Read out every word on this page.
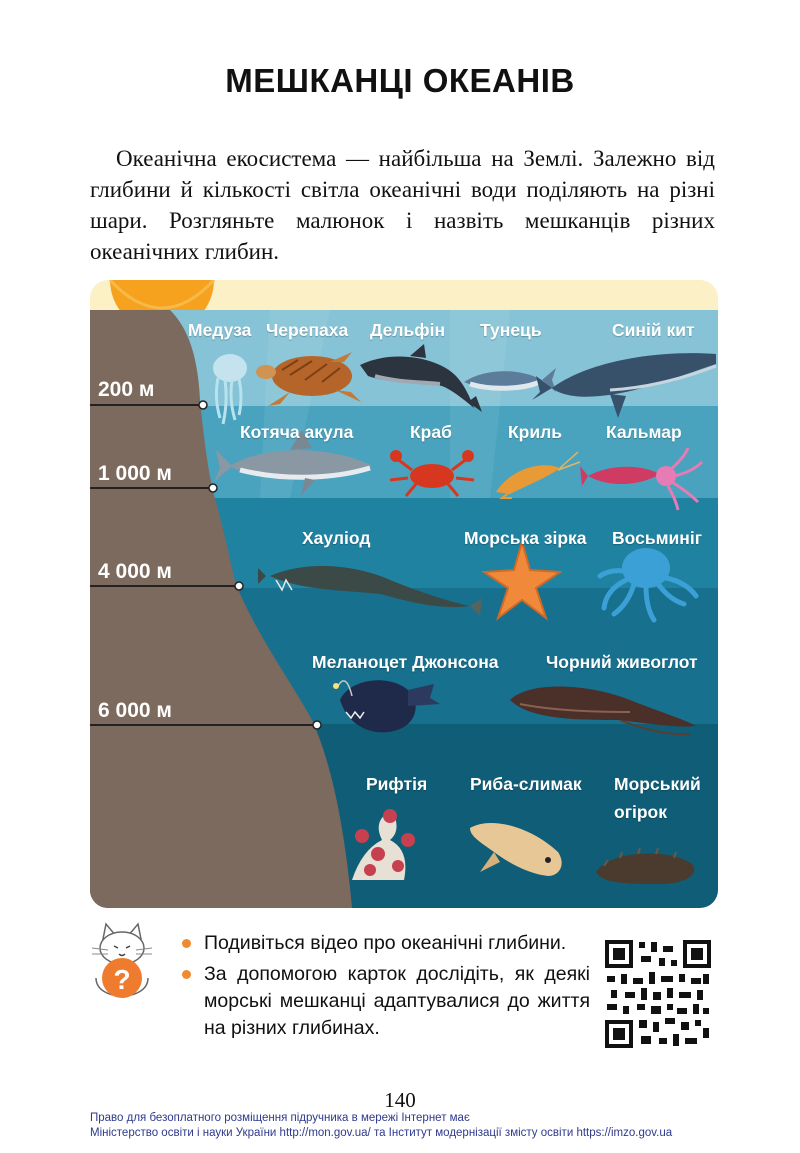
МЕШКАНЦІ ОКЕАНІВ

Океанічна екосистема — найбільша на Землі. Залежно від глибини й кількості світла океанічні води поділяють на різні шари. Розгляньте малюнок і назвіть мешканців різних океанічних глибин.

200 м
1 000 м
4 000 м
6 000 м
Медуза Черепаха Дельфін Тунець	Синій кит
Котяча акула	Краб	Криль	Кальмар
Хауліод	Морська зірка Восьминіг
Меланоцет Джонсона	Чорний живоглот
Рифтія Риба-слимак Морський
огірок
?
Подивіться відео про океанічні глибини.
За допомогою карток дослідіть, як деякі морські мешканці адаптувалися до життя на різних глибинах.
140
Право для безоплатного розміщення підручника в мережі Інтернет має
Міністерство освіти і науки України http://mon.gov.ua/ та Інститут модернізації змісту освіти https://imzo.gov.ua
